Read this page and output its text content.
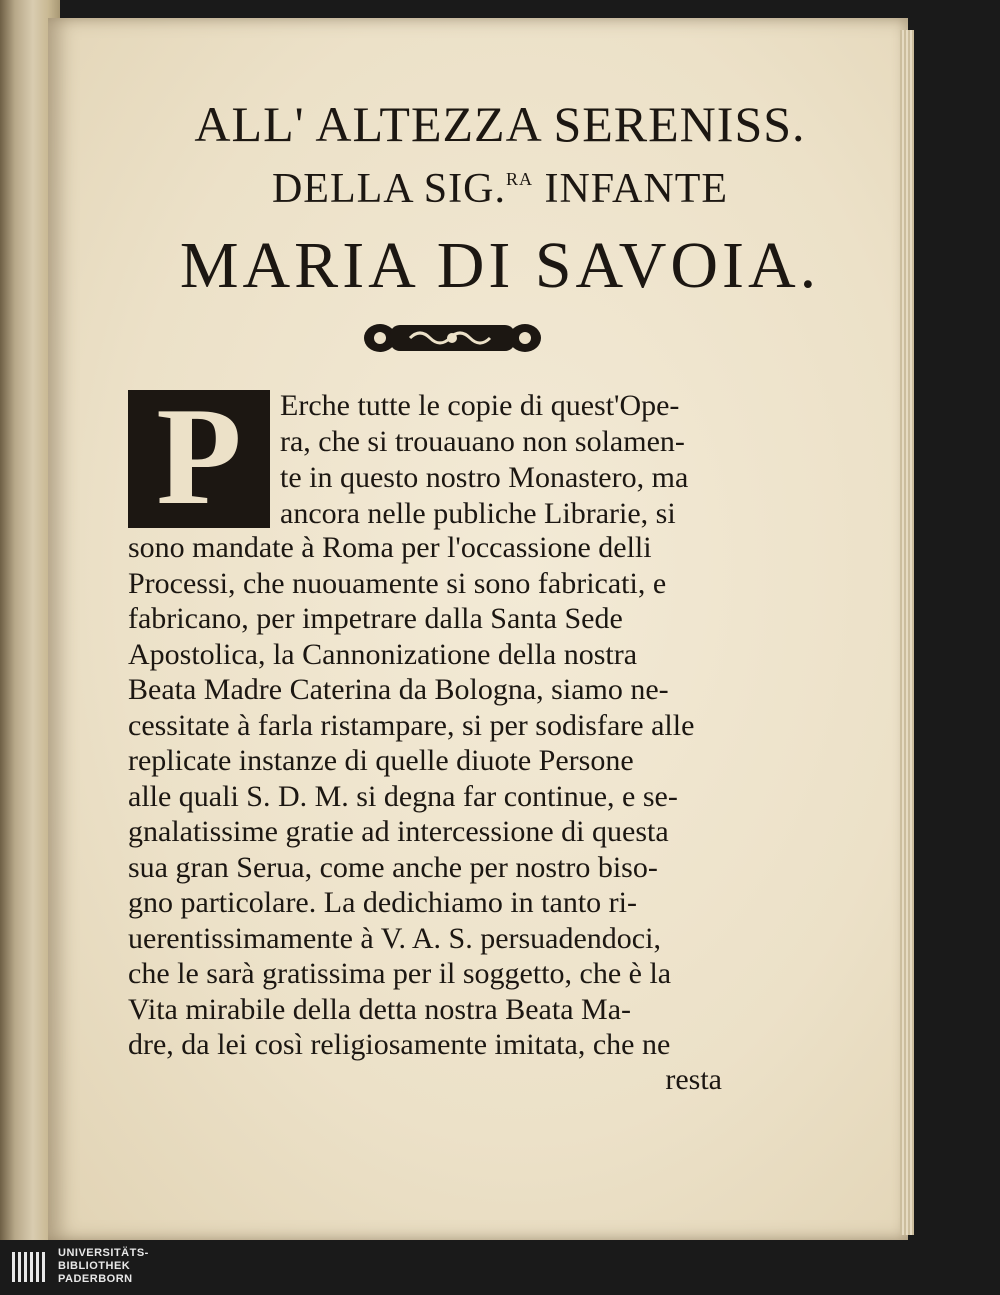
ALL' ALTEZZA SERENISS.
DELLA SIG.$^{RA}$ INFANTE
MARIA DI SAVOIA.
P	Erche tutte le copie di quest'Ope-
ra, che si trouauano non solamen-
te in questo nostro Monastero, ma
ancora nelle publiche Librarie, si
sono mandate à Roma per l'occassione delli
Processi, che nuouamente si sono fabricati, e
fabricano, per impetrare dalla Santa Sede
Apostolica, la Cannonizatione della nostra
Beata Madre Caterina da Bologna, siamo ne-
cessitate à farla ristampare, si per sodisfare alle
replicate instanze di quelle diuote Persone
alle quali S. D. M. si degna far continue, e se-
gnalatissime gratie ad intercessione di questa
sua gran Serua, come anche per nostro biso-
gno particolare. La dedichiamo in tanto ri-
uerentissimamente à V. A. S. persuadendoci,
che le sarà gratissima per il soggetto, che è la
Vita mirabile della detta nostra Beata Ma-
dre, da lei così religiosamente imitata, che ne
resta
UNIVERSITÄTS-
BIBLIOTHEK
PADERBORN
